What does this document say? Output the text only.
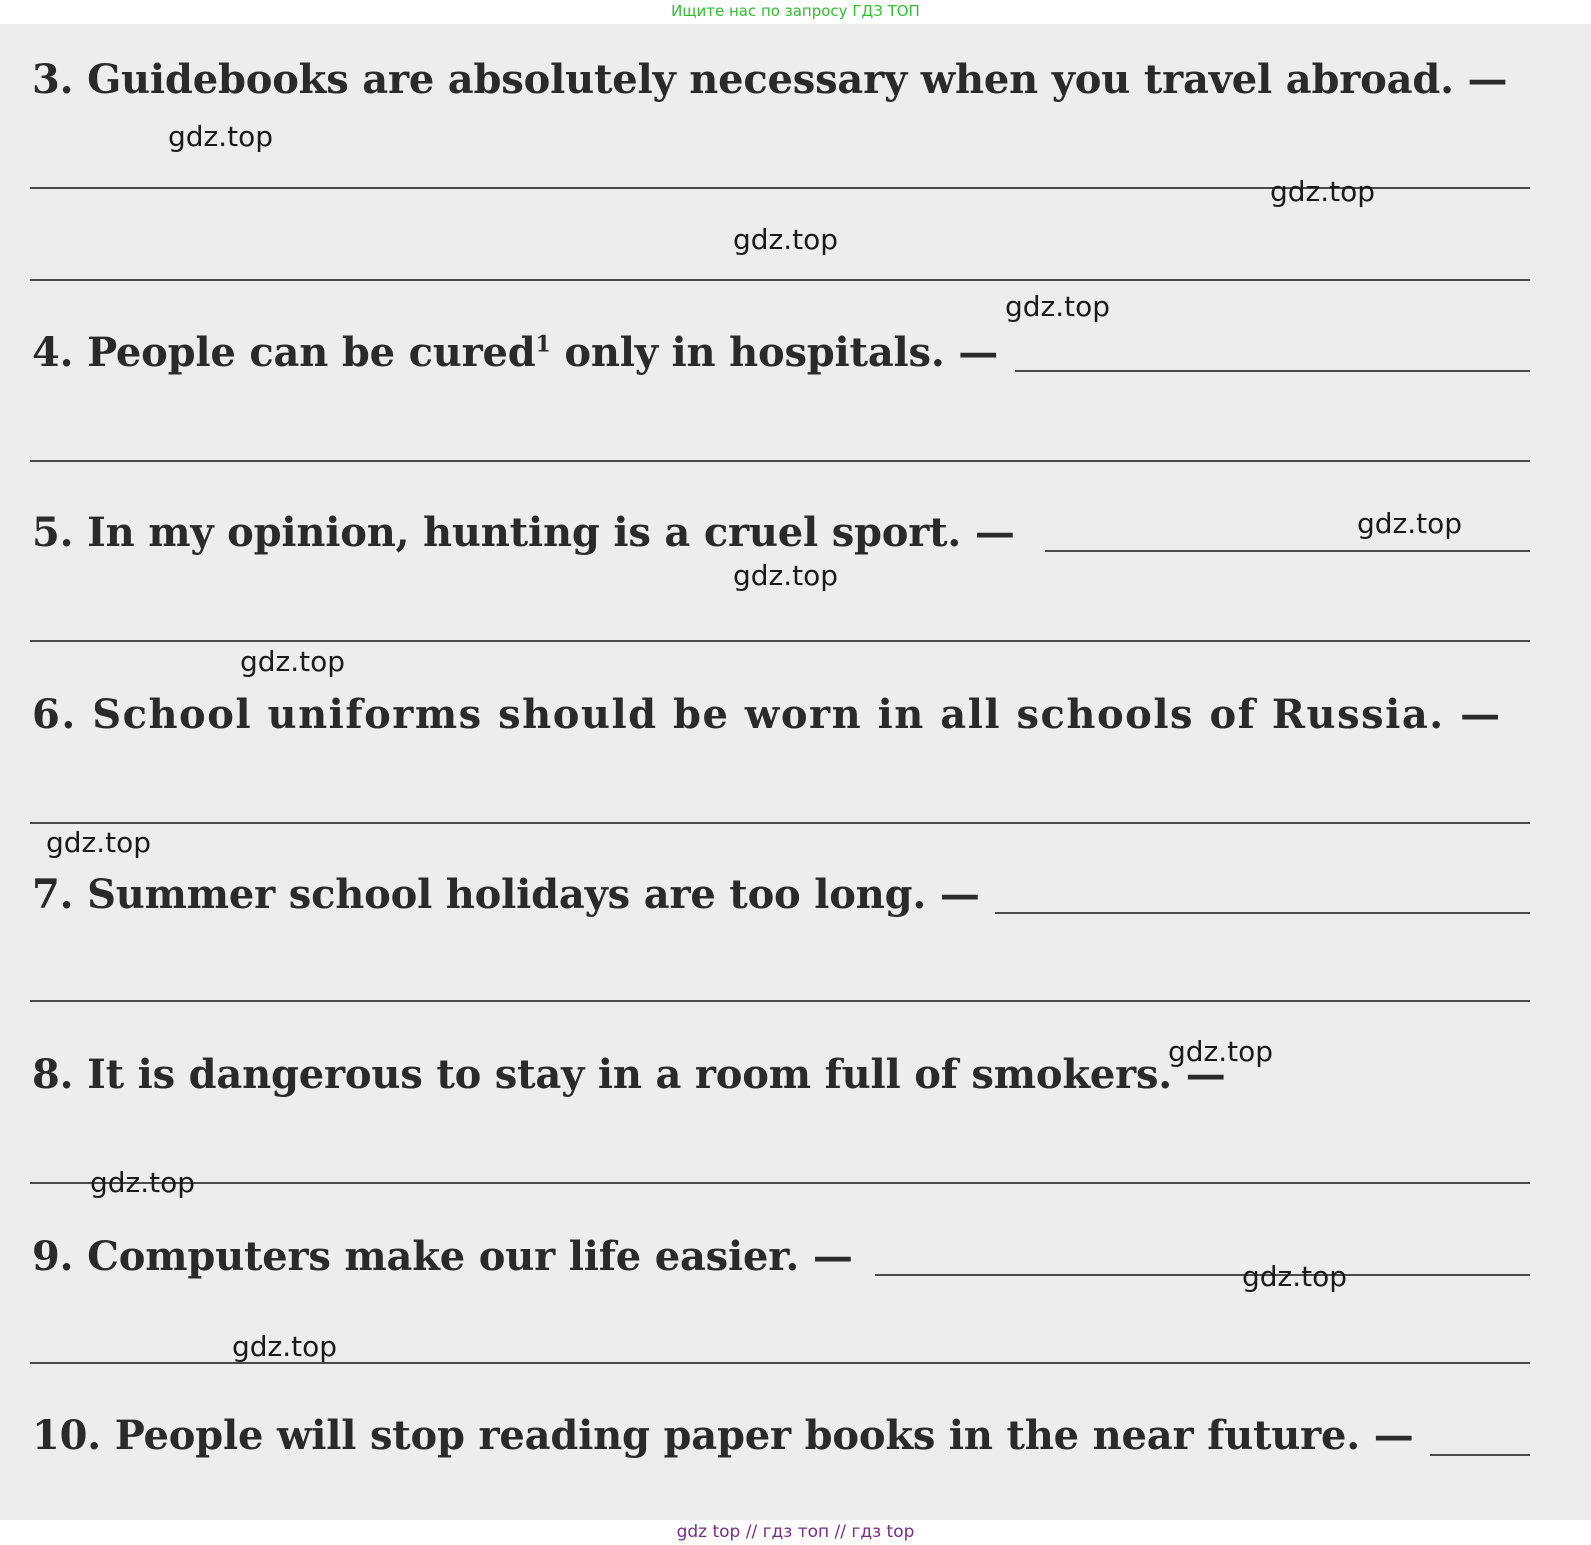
Ищите нас по запросу ГДЗ ТОП

3. Guidebooks are absolutely necessary when you travel abroad. —
4. People can be cured$^1$ only in hospitals. —
5. In my opinion, hunting is a cruel sport. —
6. School uniforms should be worn in all schools of Russia. —
7. Summer school holidays are too long. —
8. It is dangerous to stay in a room full of smokers. —
9. Computers make our life easier. —
10. People will stop reading paper books in the near future. —
gdz.top
gdz.top
gdz.top
gdz.top
gdz.top
gdz.top
gdz.top
gdz.top
gdz.top
gdz.top
gdz.top
gdz.top
gdz top // гдз топ // гдз top
